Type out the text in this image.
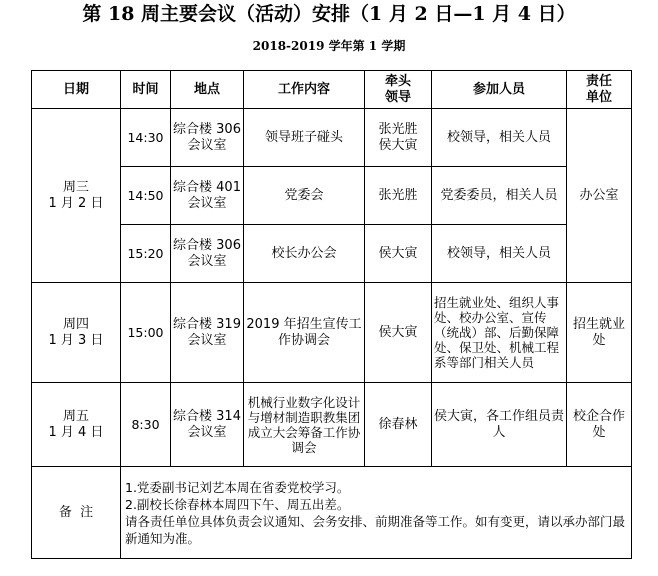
第 18 周主要会议（活动）安排（1 月 2 日—1 月 4 日）
2018-2019 学年第 1 学期
日期	时间	地点	工作内容	牵头领导	参加人员	责任单位

周三
1 月 2 日	14:30	综合楼 306 会议室	领导班子碰头	张光胜 侯大寅	校领导，相关人员	办公室
	14:50	综合楼 401 会议室	党委会	张光胜	党委委员，相关人员	
	15:20	综合楼 306 会议室	校长办公会	侯大寅	校领导，相关人员	

周四
1 月 3 日	15:00	综合楼 319 会议室	2019 年招生宣传工作协调会	侯大寅	招生就业处、组织人事处、校办公室、宣传（统战）部、后勤保障处、保卫处、机械工程系等部门相关人员	招生就业处

周五
1 月 4 日	8:30	综合楼 314 会议室	机械行业数字化设计与增材制造职教集团成立大会筹备工作协调会	徐春林	侯大寅，各工作组员责人	校企合作处
备  注	1.党委副书记刘艺本周在省委党校学习。
2.副校长徐春林本周四下午、周五出差。
请各责任单位具体负责会议通知、会务安排、前期准备等工作。如有变更，请以承办部门最新通知为准。					
